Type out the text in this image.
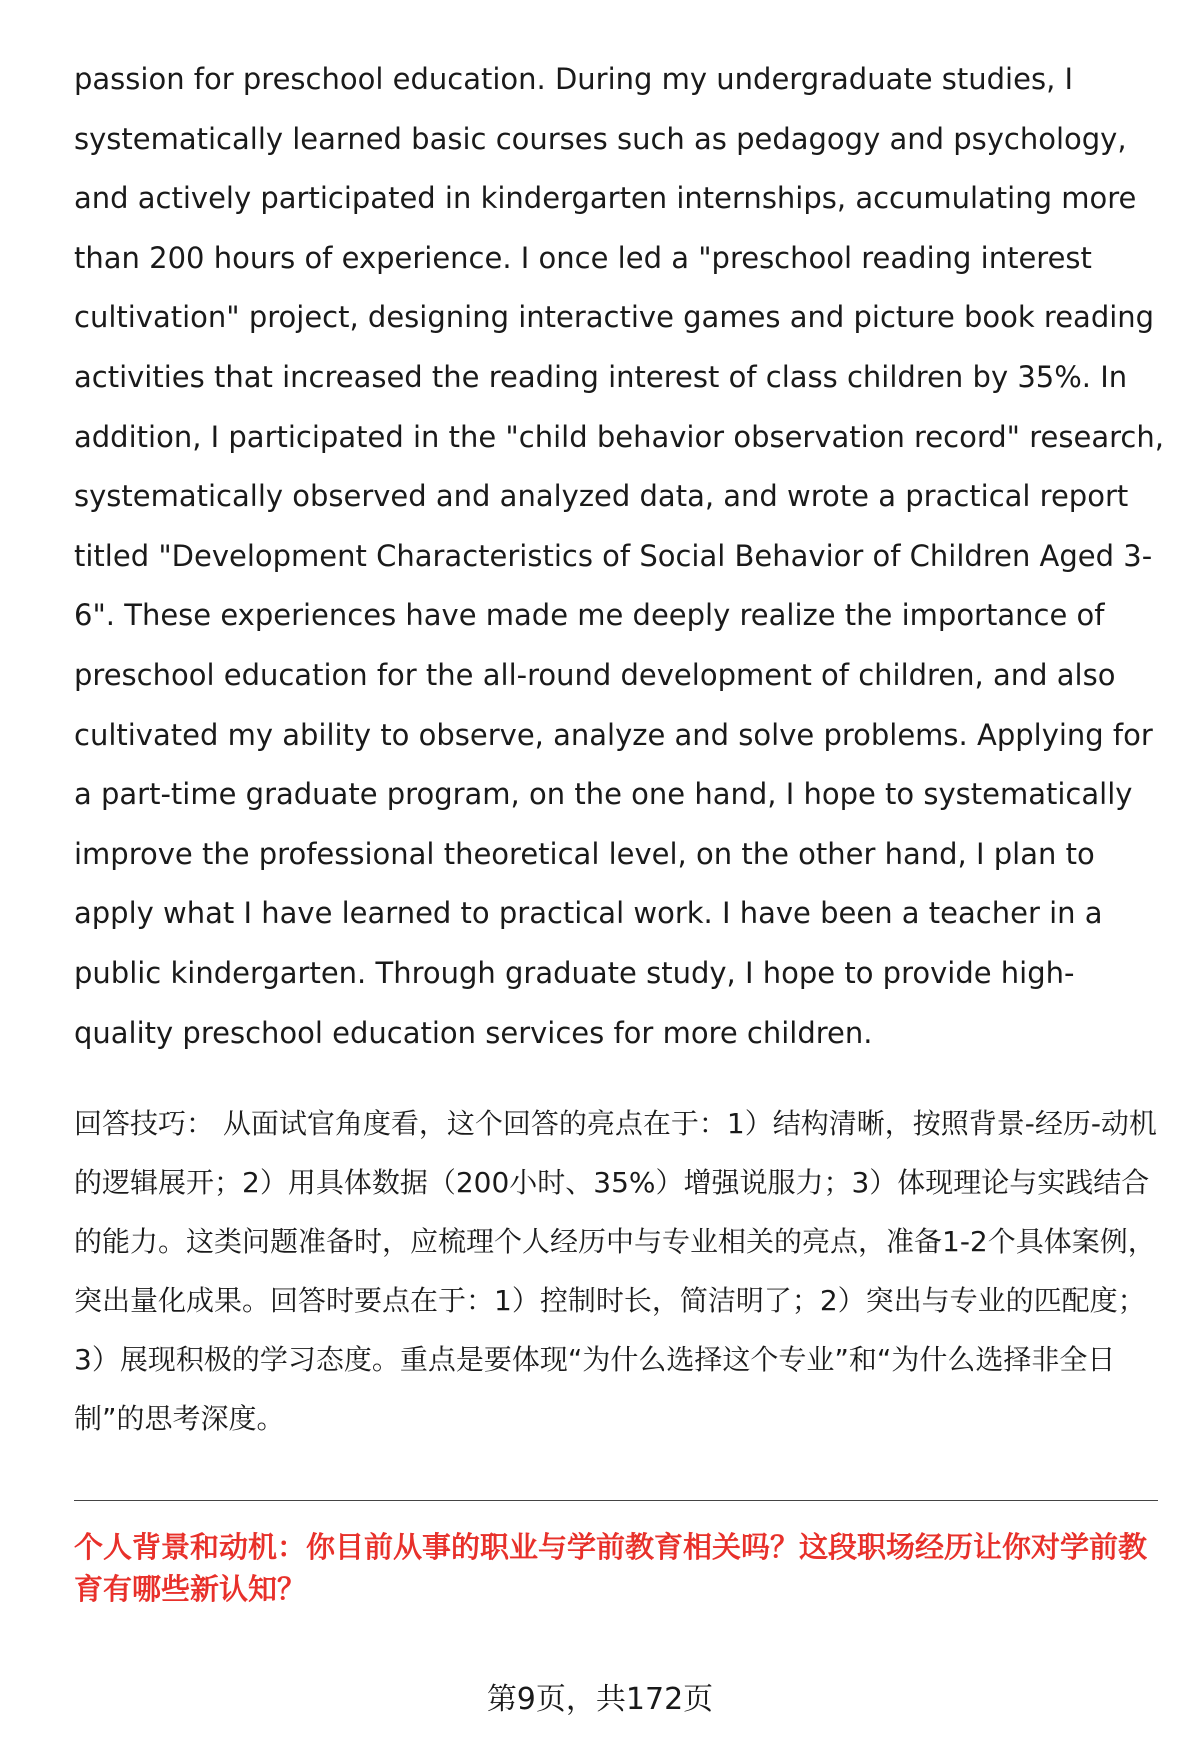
passion for preschool education. During my undergraduate studies, I systematically learned basic courses such as pedagogy and psychology, and actively participated in kindergarten internships, accumulating more than 200 hours of experience. I once led a "preschool reading interest cultivation" project, designing interactive games and picture book reading activities that increased the reading interest of class children by 35%. In addition, I participated in the "child behavior observation record" research, systematically observed and analyzed data, and wrote a practical report titled "Development Characteristics of Social Behavior of Children Aged 3-6". These experiences have made me deeply realize the importance of preschool education for the all-round development of children, and also cultivated my ability to observe, analyze and solve problems. Applying for a part-time graduate program, on the one hand, I hope to systematically improve the professional theoretical level, on the other hand, I plan to apply what I have learned to practical work. I have been a teacher in a public kindergarten. Through graduate study, I hope to provide high-quality preschool education services for more children.

回答技巧： 从面试官角度看，这个回答的亮点在于：1）结构清晰，按照背景-经历-动机的逻辑展开；2）用具体数据（200小时、35%）增强说服力；3）体现理论与实践结合的能力。这类问题准备时，应梳理个人经历中与专业相关的亮点，准备1-2个具体案例，突出量化成果。回答时要点在于：1）控制时长，简洁明了；2）突出与专业的匹配度；3）展现积极的学习态度。重点是要体现“为什么选择这个专业”和“为什么选择非全日制”的思考深度。

个人背景和动机：你目前从事的职业与学前教育相关吗？这段职场经历让你对学前教育有哪些新认知？

第9页，共172页
